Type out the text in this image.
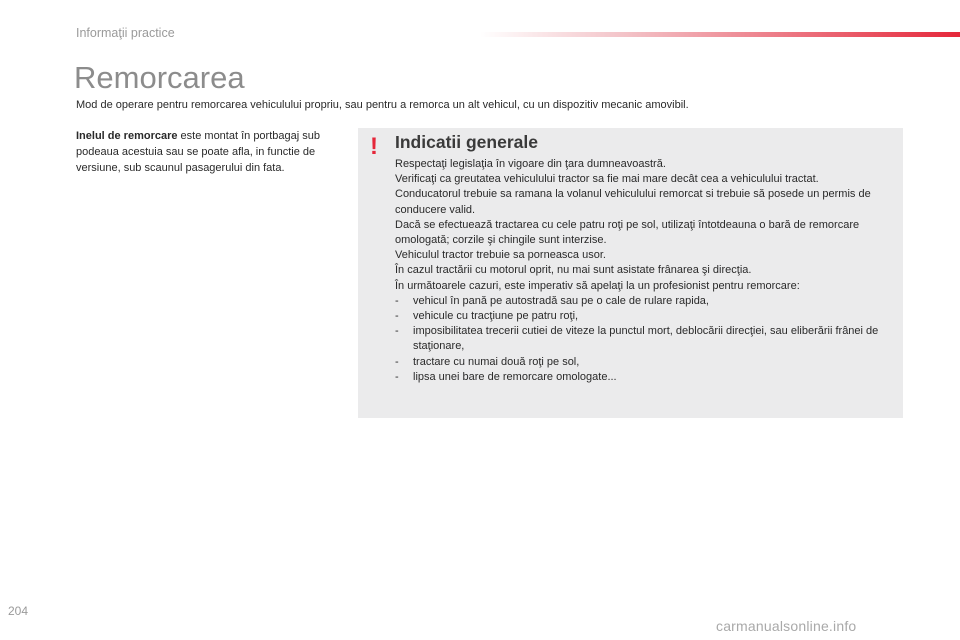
Informaţii practice
Remorcarea

Mod de operare pentru remorcarea vehiculului propriu, sau pentru a remorca un alt vehicul, cu un dispozitiv mecanic amovibil.

Inelul de remorcare este montat în portbagaj sub podeaua acestuia sau se poate afla, in functie de versiune, sub scaunul pasagerului din fata.

! Indicatii generale

Respectaţi legislaţia în vigoare din ţara dumneavoastră.

Verificaţi ca greutatea vehiculului tractor sa fie mai mare decât cea a vehiculului tractat.

Conducatorul trebuie sa ramana la volanul vehiculului remorcat si trebuie să posede un permis de conducere valid.

Dacă se efectuează tractarea cu cele patru roţi pe sol, utilizaţi întotdeauna o bară de remorcare omologată; corzile şi chingile sunt interzise.

Vehiculul tractor trebuie sa porneasca usor.

În cazul tractării cu motorul oprit, nu mai sunt asistate frânarea şi direcţia.

În următoarele cazuri, este imperativ să apelaţi la un profesionist pentru remorcare:

- vehicul în pană pe autostradă sau pe o cale de rulare rapida,
- vehicule cu tracţiune pe patru roţi,
- imposibilitatea trecerii cutiei de viteze la punctul mort, deblocării direcţiei, sau eliberării frânei de staţionare,
- tractare cu numai două roţi pe sol,
- lipsa unei bare de remorcare omologate...
204
carmanualsonline.info
